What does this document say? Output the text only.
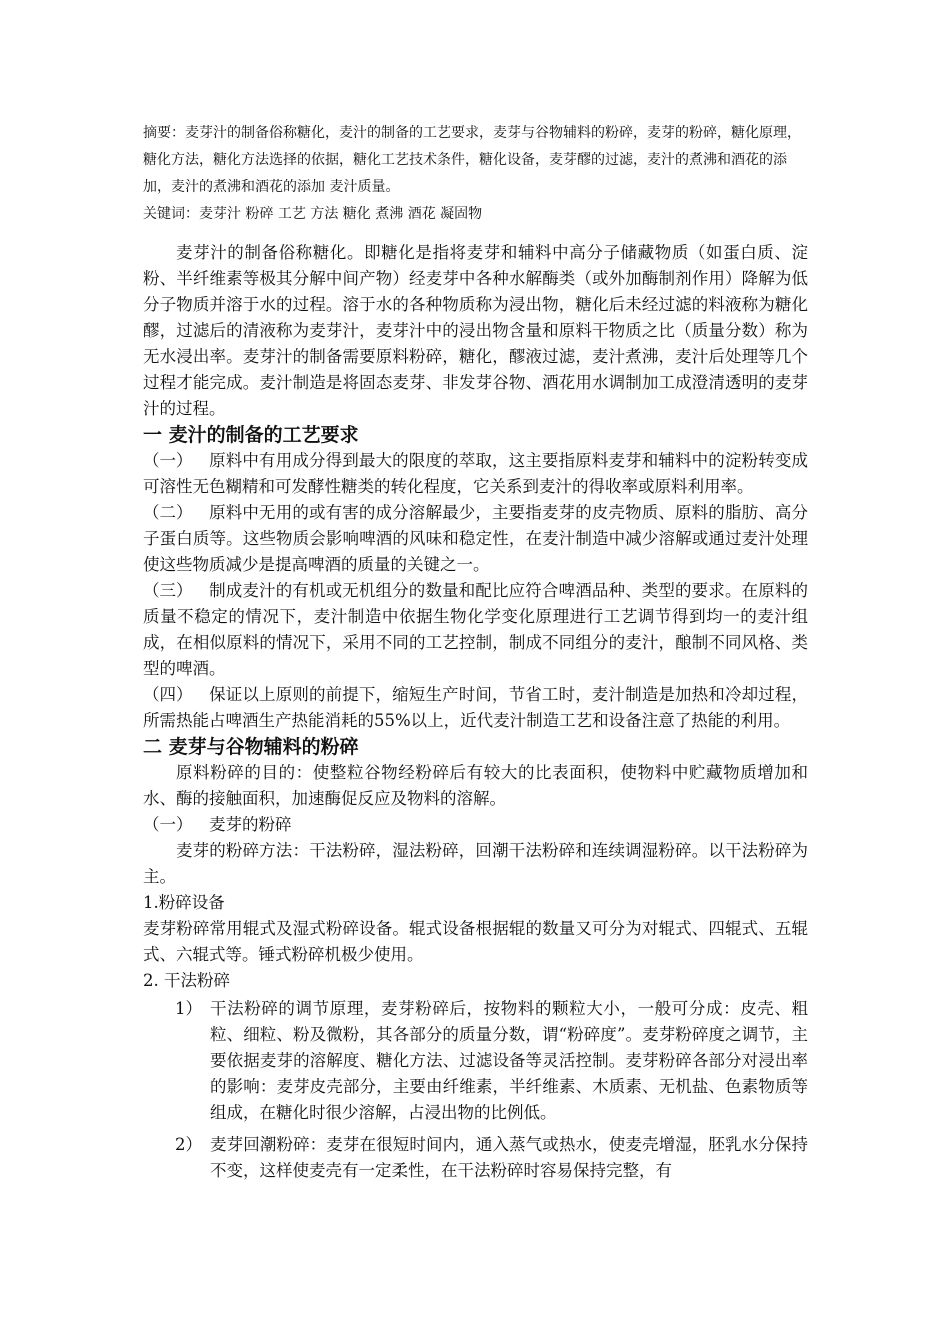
摘要：麦芽汁的制备俗称糖化，麦汁的制备的工艺要求，麦芽与谷物辅料的粉碎，麦芽的粉碎，糖化原理，糖化方法，糖化方法选择的依据，糖化工艺技术条件，糖化设备，麦芽醪的过滤，麦汁的煮沸和酒花的添加，麦汁的煮沸和酒花的添加 麦汁质量。

关键词：麦芽汁 粉碎 工艺 方法 糖化 煮沸 酒花 凝固物

麦芽汁的制备俗称糖化。即糖化是指将麦芽和辅料中高分子储藏物质（如蛋白质、淀粉、半纤维素等极其分解中间产物）经麦芽中各种水解酶类（或外加酶制剂作用）降解为低分子物质并溶于水的过程。溶于水的各种物质称为浸出物，糖化后未经过滤的料液称为糖化醪，过滤后的清液称为麦芽汁，麦芽汁中的浸出物含量和原料干物质之比（质量分数）称为无水浸出率。麦芽汁的制备需要原料粉碎，糖化，醪液过滤，麦汁煮沸，麦汁后处理等几个过程才能完成。麦汁制造是将固态麦芽、非发芽谷物、酒花用水调制加工成澄清透明的麦芽汁的过程。

一 麦汁的制备的工艺要求

（一） 原料中有用成分得到最大的限度的萃取，这主要指原料麦芽和辅料中的淀粉转变成可溶性无色糊精和可发酵性糖类的转化程度，它关系到麦汁的得收率或原料利用率。

（二） 原料中无用的或有害的成分溶解最少，主要指麦芽的皮壳物质、原料的脂肪、高分子蛋白质等。这些物质会影响啤酒的风味和稳定性，在麦汁制造中减少溶解或通过麦汁处理使这些物质减少是提高啤酒的质量的关键之一。

（三） 制成麦汁的有机或无机组分的数量和配比应符合啤酒品种、类型的要求。在原料的质量不稳定的情况下，麦汁制造中依据生物化学变化原理进行工艺调节得到均一的麦汁组成，在相似原料的情况下，采用不同的工艺控制，制成不同组分的麦汁，酿制不同风格、类型的啤酒。

（四） 保证以上原则的前提下，缩短生产时间，节省工时，麦汁制造是加热和冷却过程，所需热能占啤酒生产热能消耗的55%以上，近代麦汁制造工艺和设备注意了热能的利用。

二 麦芽与谷物辅料的粉碎

原料粉碎的目的：使整粒谷物经粉碎后有较大的比表面积，使物料中贮藏物质增加和水、酶的接触面积，加速酶促反应及物料的溶解。

（一） 麦芽的粉碎

麦芽的粉碎方法：干法粉碎，湿法粉碎，回潮干法粉碎和连续调湿粉碎。以干法粉碎为主。

1.粉碎设备

麦芽粉碎常用辊式及湿式粉碎设备。辊式设备根据辊的数量又可分为对辊式、四辊式、五辊式、六辊式等。锤式粉碎机极少使用。

2. 干法粉碎

1） 干法粉碎的调节原理，麦芽粉碎后，按物料的颗粒大小，一般可分成：皮壳、粗粒、细粒、粉及微粉，其各部分的质量分数，谓“粉碎度”。麦芽粉碎度之调节，主要依据麦芽的溶解度、糖化方法、过滤设备等灵活控制。麦芽粉碎各部分对浸出率的影响：麦芽皮壳部分，主要由纤维素，半纤维素、木质素、无机盐、色素物质等组成，在糖化时很少溶解，占浸出物的比例低。
2） 麦芽回潮粉碎：麦芽在很短时间内，通入蒸气或热水，使麦壳增湿，胚乳水分保持不变，这样使麦壳有一定柔性，在干法粉碎时容易保持完整，有
